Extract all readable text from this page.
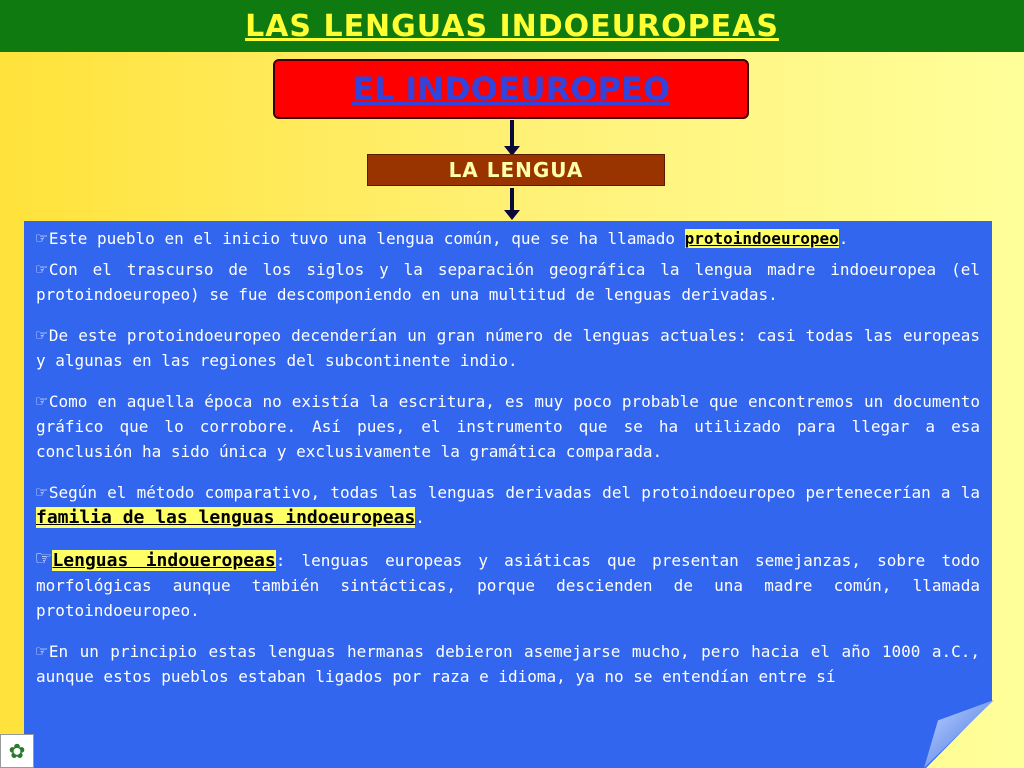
LAS LENGUAS INDOEUROPEAS
EL INDOEUROPEO
LA LENGUA

☞ Este pueblo en el inicio tuvo una lengua común, que se ha llamado protoindoeuropeo.

☞ Con el trascurso de los siglos y la separación geográfica la lengua madre indoeuropea (el protoindoeuropeo) se fue descomponiendo en una multitud de lenguas derivadas.

☞ De este protoindoeuropeo decenderían un gran número de lenguas actuales: casi todas las europeas y algunas en las regiones del subcontinente indio.

☞ Como en aquella época no existía la escritura, es muy poco probable que encontremos un documento gráfico que lo corrobore. Así pues, el instrumento que se ha utilizado para llegar a esa conclusión ha sido única y exclusivamente la gramática comparada.

☞ Según el método comparativo, todas las lenguas derivadas del protoindoeuropeo pertenecerían a la familia de las lenguas indoeuropeas.

☞ Lenguas indoueropeas: lenguas europeas y asiáticas que presentan semejanzas, sobre todo morfológicas aunque también sintácticas, porque descienden de una madre común, llamada protoindoeuropeo.

☞ En un principio estas lenguas hermanas debieron asemejarse mucho, pero hacia el año 1000 a.C., aunque estos pueblos estaban ligados por raza e idioma, ya no se entendían entre sí

✿
